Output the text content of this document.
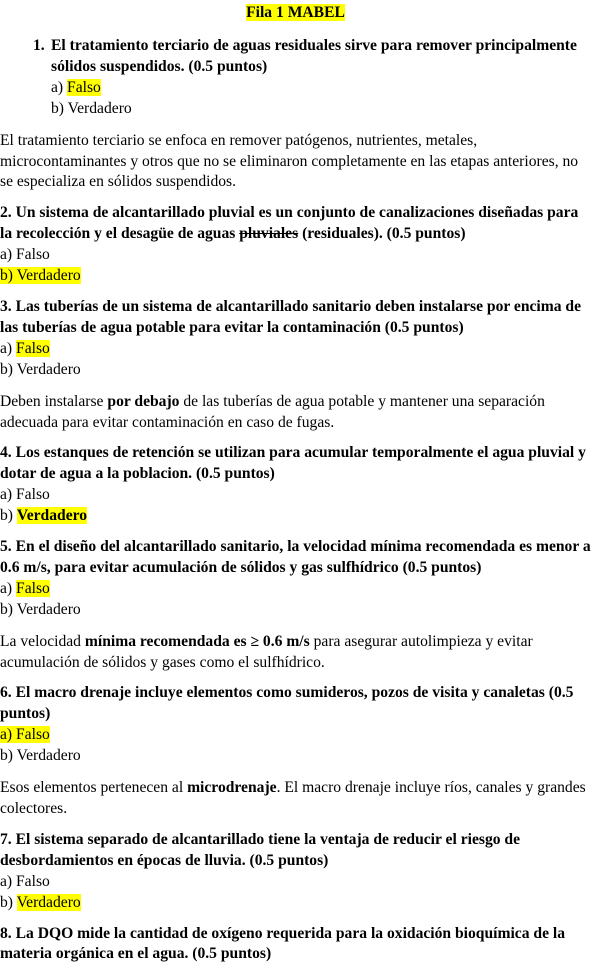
Fila 1 MABEL
1. El tratamiento terciario de aguas residuales sirve para remover principalmente sólidos suspendidos. (0.5 puntos)
a) Falso
b) Verdadero
El tratamiento terciario se enfoca en remover patógenos, nutrientes, metales, microcontaminantes y otros que no se eliminaron completamente en las etapas anteriores, no se especializa en sólidos suspendidos.
2. Un sistema de alcantarillado pluvial es un conjunto de canalizaciones diseñadas para la recolección y el desagüe de aguas pluviales (residuales). (0.5 puntos)
a) Falso
b) Verdadero
3. Las tuberías de un sistema de alcantarillado sanitario deben instalarse por encima de las tuberías de agua potable para evitar la contaminación (0.5 puntos)
a) Falso
b) Verdadero
Deben instalarse por debajo de las tuberías de agua potable y mantener una separación adecuada para evitar contaminación en caso de fugas.
4. Los estanques de retención se utilizan para acumular temporalmente el agua pluvial y dotar de agua a la poblacion. (0.5 puntos)
a) Falso
b) Verdadero
5. En el diseño del alcantarillado sanitario, la velocidad mínima recomendada es menor a 0.6 m/s, para evitar acumulación de sólidos y gas sulfhídrico (0.5 puntos)
a) Falso
b) Verdadero
La velocidad mínima recomendada es ≥ 0.6 m/s para asegurar autolimpieza y evitar acumulación de sólidos y gases como el sulfhídrico.
6. El macro drenaje incluye elementos como sumideros, pozos de visita y canaletas (0.5 puntos)
a) Falso
b) Verdadero
Esos elementos pertenecen al microdrenaje. El macro drenaje incluye ríos, canales y grandes colectores.
7. El sistema separado de alcantarillado tiene la ventaja de reducir el riesgo de desbordamientos en épocas de lluvia. (0.5 puntos)
a) Falso
b) Verdadero
8. La DQO mide la cantidad de oxígeno requerida para la oxidación bioquímica de la materia orgánica en el agua. (0.5 puntos)
